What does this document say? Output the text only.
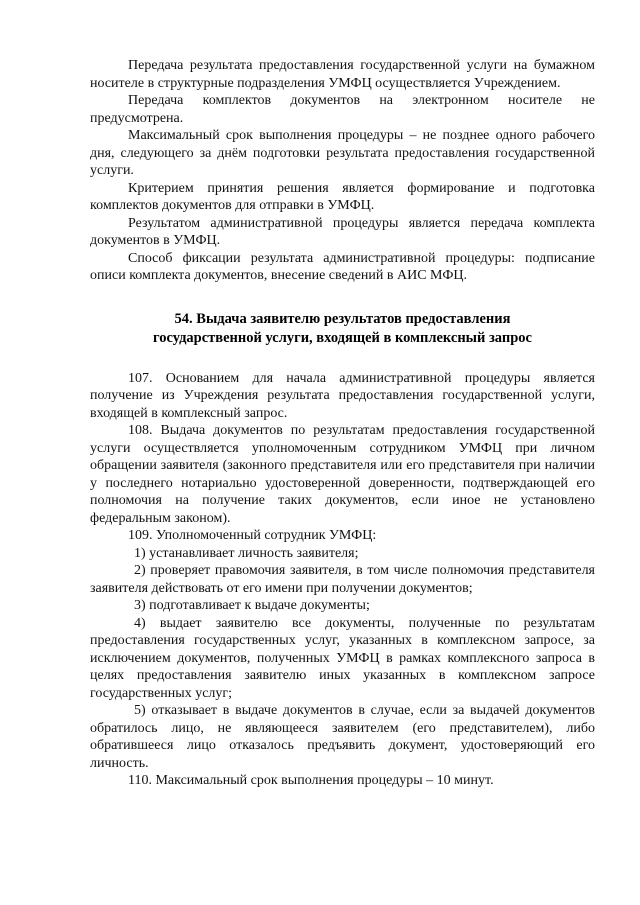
Передача результата предоставления государственной услуги на бумажном носителе в структурные подразделения УМФЦ осуществляется Учреждением.

Передача комплектов документов на электронном носителе не предусмотрена.

Максимальный срок выполнения процедуры – не позднее одного рабочего дня, следующего за днём подготовки результата предоставления государственной услуги.

Критерием принятия решения является формирование и подготовка комплектов документов для отправки в УМФЦ.

Результатом административной процедуры является передача комплекта документов в УМФЦ.

Способ фиксации результата административной процедуры: подписание описи комплекта документов, внесение сведений в АИС МФЦ.

54. Выдача заявителю результатов предоставления
государственной услуги, входящей в комплексный запрос

107. Основанием для начала административной процедуры является получение из Учреждения результата предоставления государственной услуги, входящей в комплексный запрос.

108. Выдача документов по результатам предоставления государственной услуги осуществляется уполномоченным сотрудником УМФЦ при личном обращении заявителя (законного представителя или его представителя при наличии у последнего нотариально удостоверенной доверенности, подтверждающей его полномочия на получение таких документов, если иное не установлено федеральным законом).

109. Уполномоченный сотрудник УМФЦ:

1) устанавливает личность заявителя;

2) проверяет правомочия заявителя, в том числе полномочия представителя заявителя действовать от его имени при получении документов;

3) подготавливает к выдаче документы;

4) выдает заявителю все документы, полученные по результатам предоставления государственных услуг, указанных в комплексном запросе, за исключением документов, полученных УМФЦ в рамках комплексного запроса в целях предоставления заявителю иных указанных в комплексном запросе государственных услуг;

5) отказывает в выдаче документов в случае, если за выдачей документов обратилось лицо, не являющееся заявителем (его представителем), либо обратившееся лицо отказалось предъявить документ, удостоверяющий его личность.

110. Максимальный срок выполнения процедуры – 10 минут.
